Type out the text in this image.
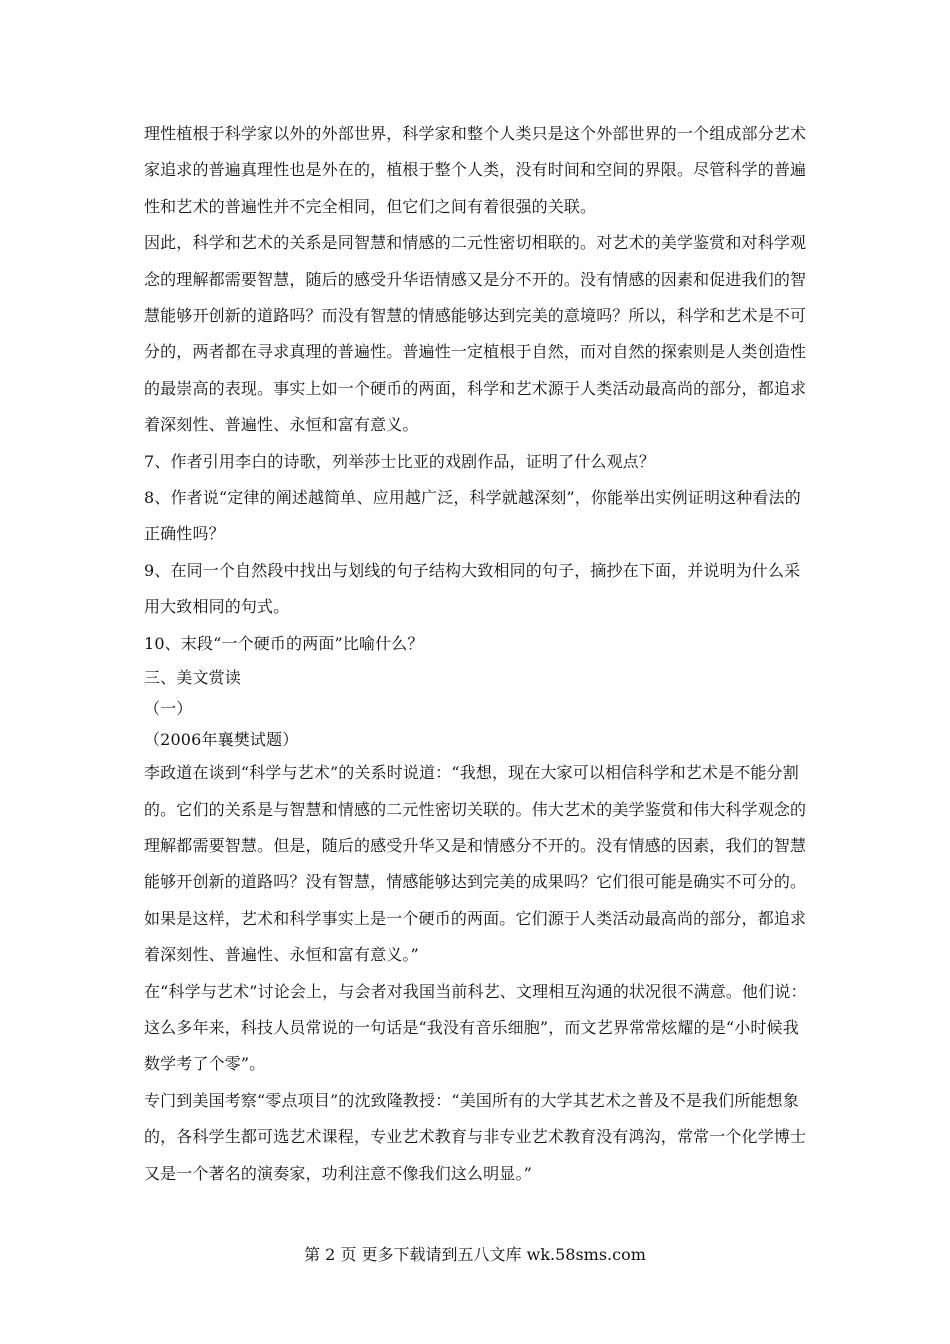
理性植根于科学家以外的外部世界，科学家和整个人类只是这个外部世界的一个组成部分艺术家追求的普遍真理性也是外在的，植根于整个人类，没有时间和空间的界限。尽管科学的普遍性和艺术的普遍性并不完全相同，但它们之间有着很强的关联。

因此，科学和艺术的关系是同智慧和情感的二元性密切相联的。对艺术的美学鉴赏和对科学观念的理解都需要智慧，随后的感受升华语情感又是分不开的。没有情感的因素和促进我们的智慧能够开创新的道路吗？而没有智慧的情感能够达到完美的意境吗？所以，科学和艺术是不可分的，两者都在寻求真理的普遍性。普遍性一定植根于自然，而对自然的探索则是人类创造性的最崇高的表现。事实上如一个硬币的两面，科学和艺术源于人类活动最高尚的部分，都追求着深刻性、普遍性、永恒和富有意义。

7、作者引用李白的诗歌，列举莎士比亚的戏剧作品，证明了什么观点？

8、作者说“定律的阐述越简单、应用越广泛，科学就越深刻”，你能举出实例证明这种看法的正确性吗？

9、在同一个自然段中找出与划线的句子结构大致相同的句子，摘抄在下面，并说明为什么采用大致相同的句式。

10、末段“一个硬币的两面”比喻什么？

三、美文赏读

（一）

（2006年襄樊试题）

李政道在谈到“科学与艺术”的关系时说道：“我想，现在大家可以相信科学和艺术是不能分割的。它们的关系是与智慧和情感的二元性密切关联的。伟大艺术的美学鉴赏和伟大科学观念的理解都需要智慧。但是，随后的感受升华又是和情感分不开的。没有情感的因素，我们的智慧能够开创新的道路吗？没有智慧，情感能够达到完美的成果吗？它们很可能是确实不可分的。如果是这样，艺术和科学事实上是一个硬币的两面。它们源于人类活动最高尚的部分，都追求着深刻性、普遍性、永恒和富有意义。”

在“科学与艺术”讨论会上，与会者对我国当前科艺、文理相互沟通的状况很不满意。他们说：这么多年来，科技人员常说的一句话是“我没有音乐细胞”，而文艺界常常炫耀的是“小时候我数学考了个零”。

专门到美国考察“零点项目”的沈致隆教授：“美国所有的大学其艺术之普及不是我们所能想象的，各科学生都可选艺术课程，专业艺术教育与非专业艺术教育没有鸿沟，常常一个化学博士又是一个著名的演奏家，功利注意不像我们这么明显。”

第 2 页 更多下载请到五八文库 wk.58sms.com
